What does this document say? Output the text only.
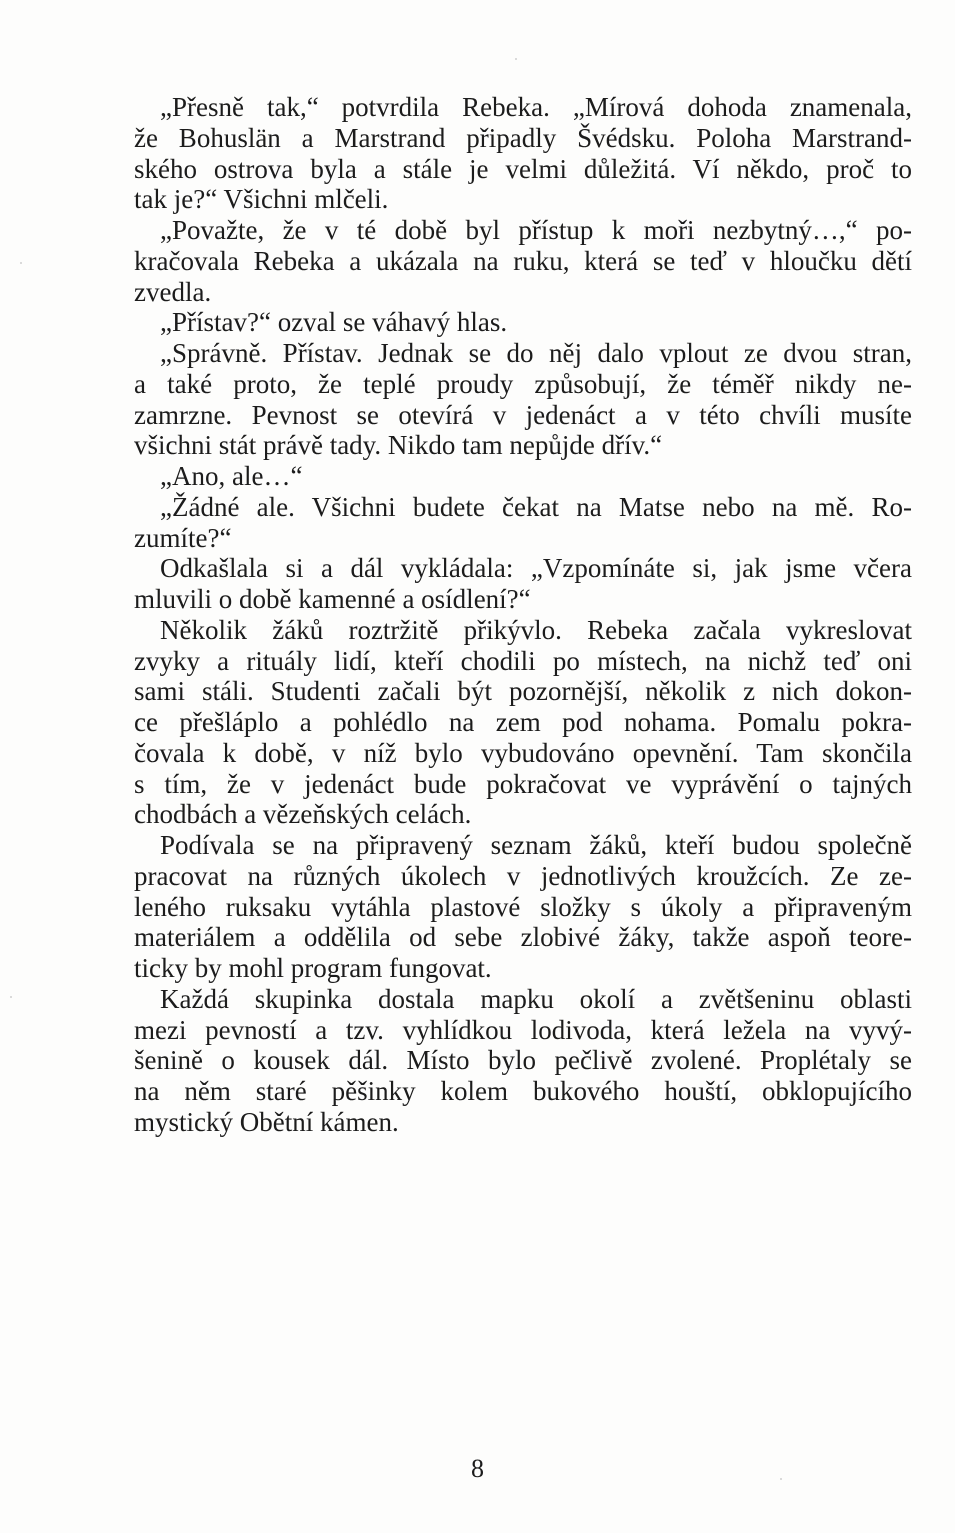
„Přesně tak,“ potvrdila Rebeka. „Mírová dohoda znamenala,
že Bohuslän a Marstrand připadly Švédsku. Poloha Marstrand-
ského ostrova byla a stále je velmi důležitá. Ví někdo, proč to
tak je?“ Všichni mlčeli.
„Považte, že v té době byl přístup k moři nezbytný…,“ po-
kračovala Rebeka a ukázala na ruku, která se teď v hloučku dětí
zvedla.
„Přístav?“ ozval se váhavý hlas.
„Správně. Přístav. Jednak se do něj dalo vplout ze dvou stran,
a také proto, že teplé proudy způsobují, že téměř nikdy ne-
zamrzne. Pevnost se otevírá v jedenáct a v této chvíli musíte
všichni stát právě tady. Nikdo tam nepůjde dřív.“
„Ano, ale…“
„Žádné ale. Všichni budete čekat na Matse nebo na mě. Ro-
zumíte?“
Odkašlala si a dál vykládala: „Vzpomínáte si, jak jsme včera
mluvili o době kamenné a osídlení?“
Několik žáků roztržitě přikývlo. Rebeka začala vykreslovat
zvyky a rituály lidí, kteří chodili po místech, na nichž teď oni
sami stáli. Studenti začali být pozornější, několik z nich dokon-
ce přešláplo a pohlédlo na zem pod nohama. Pomalu pokra-
čovala k době, v níž bylo vybudováno opevnění. Tam skončila
s tím, že v jedenáct bude pokračovat ve vyprávění o tajných
chodbách a vězeňských celách.
Podívala se na připravený seznam žáků, kteří budou společně
pracovat na různých úkolech v jednotlivých kroužcích. Ze ze-
leného ruksaku vytáhla plastové složky s úkoly a připraveným
materiálem a oddělila od sebe zlobivé žáky, takže aspoň teore-
ticky by mohl program fungovat.
Každá skupinka dostala mapku okolí a zvětšeninu oblasti
mezi pevností a tzv. vyhlídkou lodivoda, která ležela na vyvý-
šenině o kousek dál. Místo bylo pečlivě zvolené. Proplétaly se
na něm staré pěšinky kolem bukového houští, obklopujícího
mystický Obětní kámen.
8
